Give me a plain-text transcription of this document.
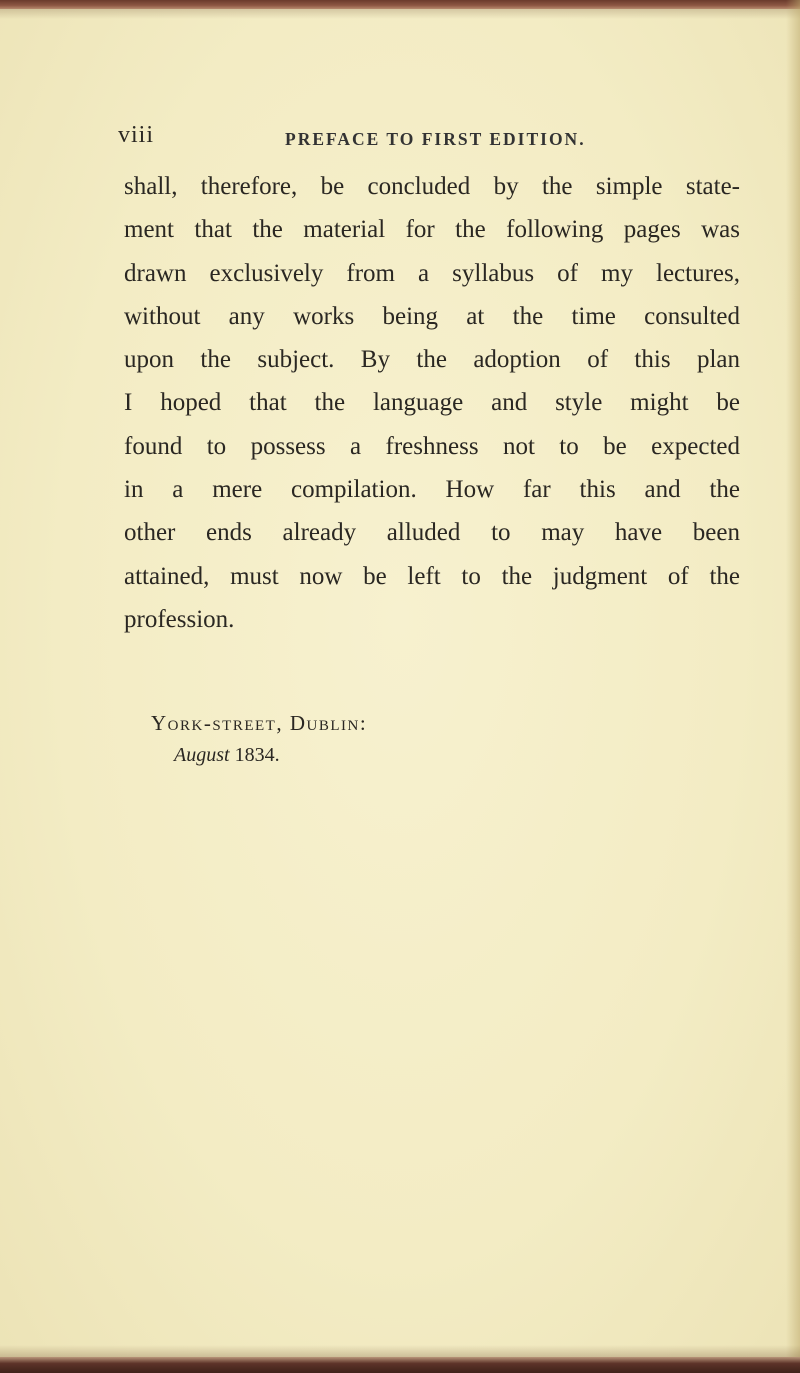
viii	PREFACE TO FIRST EDITION.
shall, therefore, be concluded by the simple state-
ment that the material for the following pages was
drawn exclusively from a syllabus of my lectures,
without any works being at the time consulted
upon the subject. By the adoption of this plan
I hoped that the language and style might be
found to possess a freshness not to be expected
in a mere compilation. How far this and the
other ends already alluded to may have been
attained, must now be left to the judgment of the
profession.
York-street, Dublin:
August 1834.
